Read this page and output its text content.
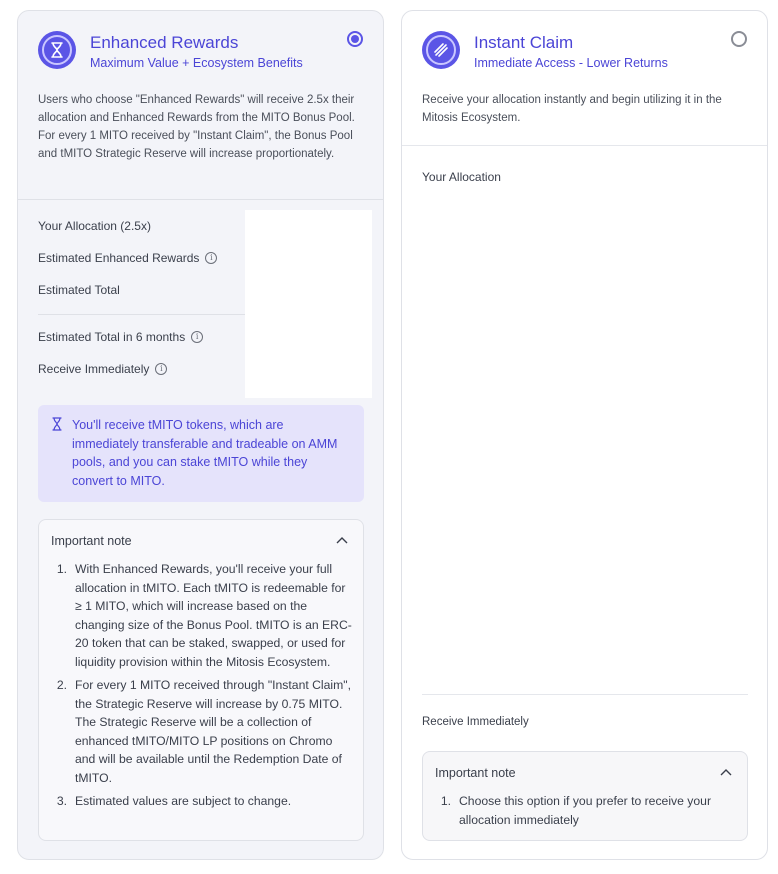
Enhanced Rewards
Maximum Value + Ecosystem Benefits
Users who choose "Enhanced Rewards" will receive 2.5x their allocation and Enhanced Rewards from the MITO Bonus Pool. For every 1 MITO received by "Instant Claim", the Bonus Pool and tMITO Strategic Reserve will increase proportionately.
Your Allocation (2.5x)
Estimated Enhanced Rewards	i
Estimated Total
Estimated Total in 6 months	i
Receive Immediately	i
You'll receive tMITO tokens, which are immediately transferable and tradeable on AMM pools, and you can stake tMITO while they convert to MITO.
Important note
1. With Enhanced Rewards, you'll receive your full allocation in tMITO. Each tMITO is redeemable for ≥ 1 MITO, which will increase based on the changing size of the Bonus Pool. tMITO is an ERC-20 token that can be staked, swapped, or used for liquidity provision within the Mitosis Ecosystem.
2. For every 1 MITO received through "Instant Claim", the Strategic Reserve will increase by 0.75 MITO. The Strategic Reserve will be a collection of enhanced tMITO/MITO LP positions on Chromo and will be available until the Redemption Date of tMITO.
3. Estimated values are subject to change.
Instant Claim
Immediate Access - Lower Returns
Receive your allocation instantly and begin utilizing it in the Mitosis Ecosystem.
Your Allocation
Receive Immediately
Important note
1. Choose this option if you prefer to receive your allocation immediately
